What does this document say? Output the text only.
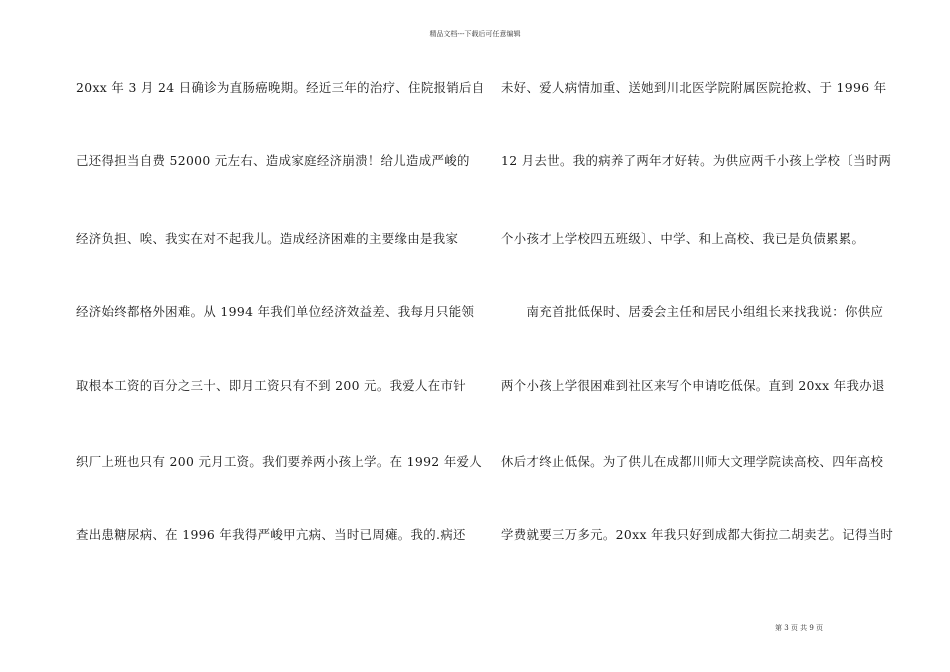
精品文档---下载后可任意编辑
20xx 年 3 月 24 日确诊为直肠癌晚期。经近三年的治疗、住院报销后自
己还得担当自费 52000 元左右、造成家庭经济崩溃！给儿造成严峻的
经济负担、唉、我实在对不起我儿。造成经济困难的主要缘由是我家
经济始终都格外困难。从 1994 年我们单位经济效益差、我每月只能领
取根本工资的百分之三十、即月工资只有不到 200 元。我爱人在市针
织厂上班也只有 200 元月工资。我们要养两小孩上学。在 1992 年爱人
查出患糖尿病、在 1996 年我得严峻甲亢病、当时已周瘫。我的.病还
未好、爱人病情加重、送她到川北医学院附属医院抢救、于 1996 年
12 月去世。我的病养了两年才好转。为供应两千小孩上学校〔当时两
个小孩才上学校四五班级〕、中学、和上高校、我已是负债累累。
　　南充首批低保时、居委会主任和居民小组组长来找我说：你供应
两个小孩上学很困难到社区来写个申请吃低保。直到 20xx 年我办退
休后才终止低保。为了供儿在成都川师大文理学院读高校、四年高校
学费就要三万多元。20xx 年我只好到成都大街拉二胡卖艺。记得当时
第 3 页 共 9 页
